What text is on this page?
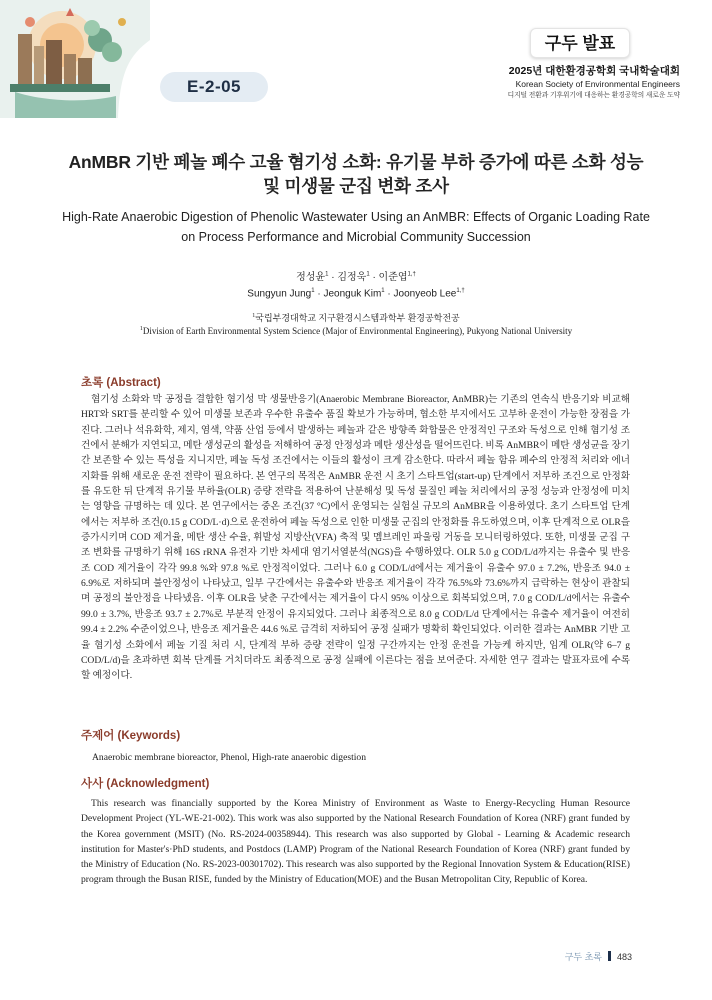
E-2-05
구두 발표
2025년 대한환경공학회 국내학술대회
Korean Society of Environmental Engineers
디지털 전환과 기후위기에 대응하는 환경공학의 새로운 도약
AnMBR 기반 페놀 폐수 고율 혐기성 소화: 유기물 부하 증가에 따른 소화 성능 및 미생물 군집 변화 조사
High-Rate Anaerobic Digestion of Phenolic Wastewater Using an AnMBR: Effects of Organic Loading Rate on Process Performance and Microbial Community Succession
정성윤$^1$ · 김정욱$^1$ · 이준엽$^{1,\dagger}$
Sungyun Jung$^1$ · Jeonguk Kim$^1$ · Joonyeob Lee$^{1,\dagger}$
$^1$국립부경대학교 지구환경시스템과학부 환경공학전공
$^1$Division of Earth Environmental System Science (Major of Environmental Engineering), Pukyong National University
초록 (Abstract)

혐기성 소화와 막 공정을 결합한 혐기성 막 생물반응기(Anaerobic Membrane Bioreactor, AnMBR)는 기존의 연속식 반응기와 비교해 HRT와 SRT를 분리할 수 있어 미생물 보존과 우수한 유출수 품질 확보가 가능하며, 협소한 부지에서도 고부하 운전이 가능한 장점을 가진다. 그러나 석유화학, 제지, 염색, 약품 산업 등에서 발생하는 페놀과 같은 방향족 화합물은 안정적인 구조와 독성으로 인해 혐기성 조건에서 분해가 지연되고, 메탄 생성균의 활성을 저해하여 공정 안정성과 메탄 생산성을 떨어뜨린다. 비록 AnMBR이 메탄 생성균을 장기간 보존할 수 있는 특성을 지니지만, 페놀 독성 조건에서는 이들의 활성이 크게 감소한다. 따라서 페놀 함유 폐수의 안정적 처리와 에너지화를 위해 새로운 운전 전략이 필요하다. 본 연구의 목적은 AnMBR 운전 시 초기 스타트업(start-up) 단계에서 저부하 조건으로 안정화를 유도한 뒤 단계적 유기물 부하율(OLR) 증량 전략을 적용하여 난분해성 및 독성 물질인 페놀 처리에서의 공정 성능과 안정성에 미치는 영향을 규명하는 데 있다. 본 연구에서는 중온 조건(37 °C)에서 운영되는 실험실 규모의 AnMBR을 이용하였다. 초기 스타트업 단계에서는 저부하 조건(0.15 g COD/L·d)으로 운전하여 페놀 독성으로 인한 미생물 군집의 안정화를 유도하였으며, 이후 단계적으로 OLR을 증가시키며 COD 제거율, 메탄 생산 수율, 휘발성 지방산(VFA) 축적 및 멤브레인 파울링 거동을 모니터링하였다. 또한, 미생물 군집 구조 변화를 규명하기 위해 16S rRNA 유전자 기반 차세대 염기서열분석(NGS)을 수행하였다. OLR 5.0 g COD/L/d까지는 유출수 및 반응조 COD 제거율이 각각 99.8 %와 97.8 %로 안정적이었다. 그러나 6.0 g COD/L/d에서는 제거율이 유출수 97.0 ± 7.2%, 반응조 94.0 ± 6.9%로 저하되며 불안정성이 나타났고, 일부 구간에서는 유출수와 반응조 제거율이 각각 76.5%와 73.6%까지 급락하는 현상이 관찰되며 공정의 불안정을 나타냈음. 이후 OLR을 낮춘 구간에서는 제거율이 다시 95% 이상으로 회복되었으며, 7.0 g COD/L/d에서는 유출수 99.0 ± 3.7%, 반응조 93.7 ± 2.7%로 부분적 안정이 유지되었다. 그러나 최종적으로 8.0 g COD/L/d 단계에서는 유출수 제거율이 여전히 99.4 ± 2.2% 수준이었으나, 반응조 제거율은 44.6 %로 급격히 저하되어 공정 실패가 명확히 확인되었다. 이러한 결과는 AnMBR 기반 고율 혐기성 소화에서 페놀 기질 처리 시, 단계적 부하 증량 전략이 일정 구간까지는 안정 운전을 가능케 하지만, 임계 OLR(약 6–7 g COD/L/d)을 초과하면 회복 단계를 거치더라도 최종적으로 공정 실패에 이른다는 점을 보여준다. 자세한 연구 결과는 발표자료에 수록할 예정이다.

주제어 (Keywords)
Anaerobic membrane bioreactor, Phenol, High-rate anaerobic digestion
사사 (Acknowledgment)

This research was financially supported by the Korea Ministry of Environment as Waste to Energy-Recycling Human Resource Development Project (YL-WE-21-002). This work was also supported by the National Research Foundation of Korea (NRF) grant funded by the Korea government (MSIT) (No. RS-2024-00358944). This research was also supported by Global - Learning & Academic research institution for Master's·PhD students, and Postdocs (LAMP) Program of the National Research Foundation of Korea (NRF) grant funded by the Ministry of Education (No. RS-2023-00301702). This research was also supported by the Regional Innovation System & Education(RISE) program through the Busan RISE, funded by the Ministry of Education(MOE) and the Busan Metropolitan City, Republic of Korea.

구두 초록 483
